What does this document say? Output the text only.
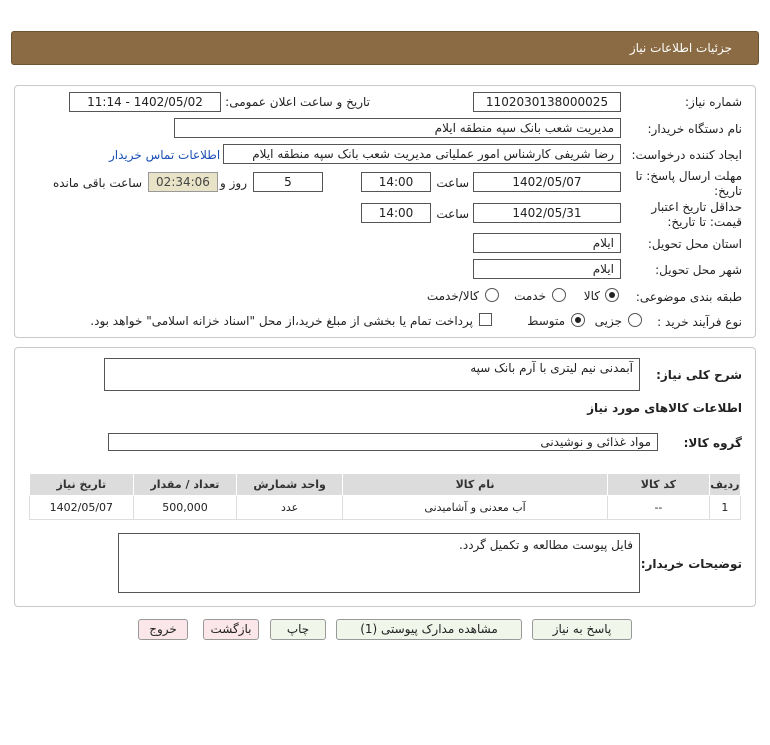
جزئیات اطلاعات نیاز
شماره نیاز:
1102030138000025
تاریخ و ساعت اعلان عمومی:
1402/05/02 - 11:14
نام دستگاه خریدار:
مدیریت شعب بانک سپه منطقه ایلام
ایجاد کننده درخواست:
رضا شریفی کارشناس امور عملیاتی مدیریت شعب بانک سپه منطقه ایلام
اطلاعات تماس خریدار
مهلت ارسال پاسخ: تا تاریخ:
1402/05/07
ساعت
14:00
5
روز و
02:34:06
ساعت باقی مانده
حداقل تاریخ اعتبار قیمت: تا تاریخ:
1402/05/31
ساعت
14:00
استان محل تحویل:
ایلام
شهر محل تحویل:
ایلام
طبقه بندی موضوعی:
کالا
خدمت
کالا/خدمت
نوع فرآیند خرید :
جزیی
متوسط
پرداخت تمام یا بخشی از مبلغ خرید،از محل "اسناد خزانه اسلامی" خواهد بود.
شرح کلی نیاز:
آبمدنی نیم لیتری با آرم بانک سپه
اطلاعات کالاهای مورد نیاز
گروه کالا:
مواد غذائی و نوشیدنی
ردیف	کد کالا	نام کالا	واحد شمارش	تعداد / مقدار	تاریخ نیاز
1	--	آب معدنی و آشامیدنی	عدد	500,000	1402/05/07
توضیحات خریدار:
فایل پیوست مطالعه و تکمیل گردد.
پاسخ به نیاز
مشاهده مدارک پیوستی (1)
چاپ
بازگشت
خروج
